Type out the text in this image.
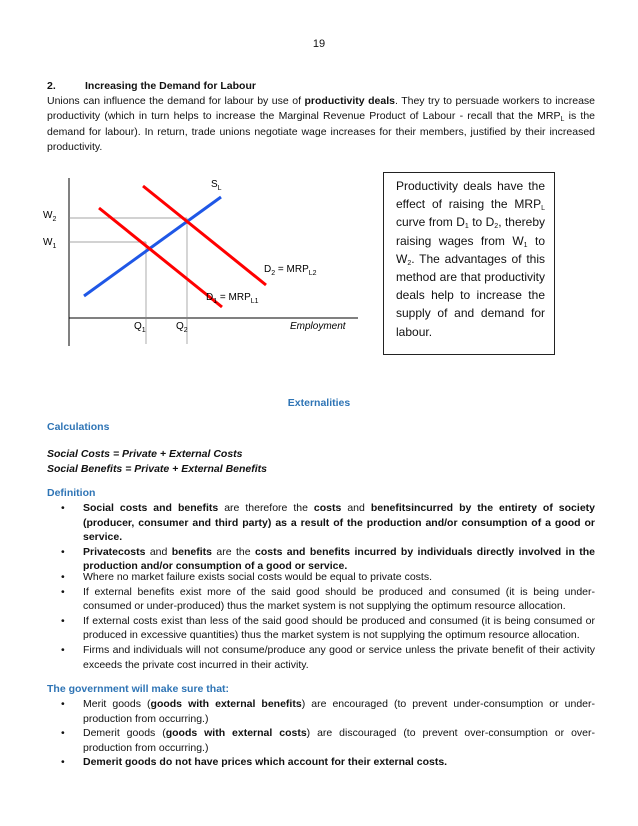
19
2.	Increasing the Demand for Labour
Unions can influence the demand for labour by use of productivity deals. They try to persuade workers to increase productivity (which in turn helps to increase the Marginal Revenue Product of Labour - recall that the $MRP_L$ is the demand for labour). In return, trade unions negotiate wage increases for their members, justified by their increased productivity.
$S_L$
$W_2$
$W_1$
$D_2 = MRP_{L2}$
$D_1 = MRP_{L1}$
$Q_1$	$Q_2$	Employment
Productivity deals have the effect of raising the $MRP_L$ curve from $D_1$ to $D_2$, thereby raising wages from $W_1$ to $W_2$. The advantages of this method are that productivity deals help to increase the supply of and demand for labour.
Externalities
Calculations
Social Costs = Private + External Costs
Social Benefits = Private + External Benefits
Definition
• Social costs and benefits are therefore the costs and benefitsincurred by the entirety of society (producer, consumer and third party) as a result of the production and/or consumption of a good or service.
• Privatecosts and benefits are the costs and benefits incurred by individuals directly involved in the production and/or consumption of a good or service.
• Where no market failure exists social costs would be equal to private costs.
• If external benefits exist more of the said good should be produced and consumed (it is being under-consumed or under-produced) thus the market system is not supplying the optimum resource allocation.
• If external costs exist than less of the said good should be produced and consumed (it is being consumed or produced in excessive quantities) thus the market system is not supplying the optimum resource allocation.
• Firms and individuals will not consume/produce any good or service unless the private benefit of their activity exceeds the private cost incurred in their activity.
The government will make sure that:
• Merit goods (goods with external benefits) are encouraged (to prevent under-consumption or under-production from occurring.)
• Demerit goods (goods with external costs) are discouraged (to prevent over-consumption or over-production from occurring.)
• Demerit goods do not have prices which account for their external costs.
